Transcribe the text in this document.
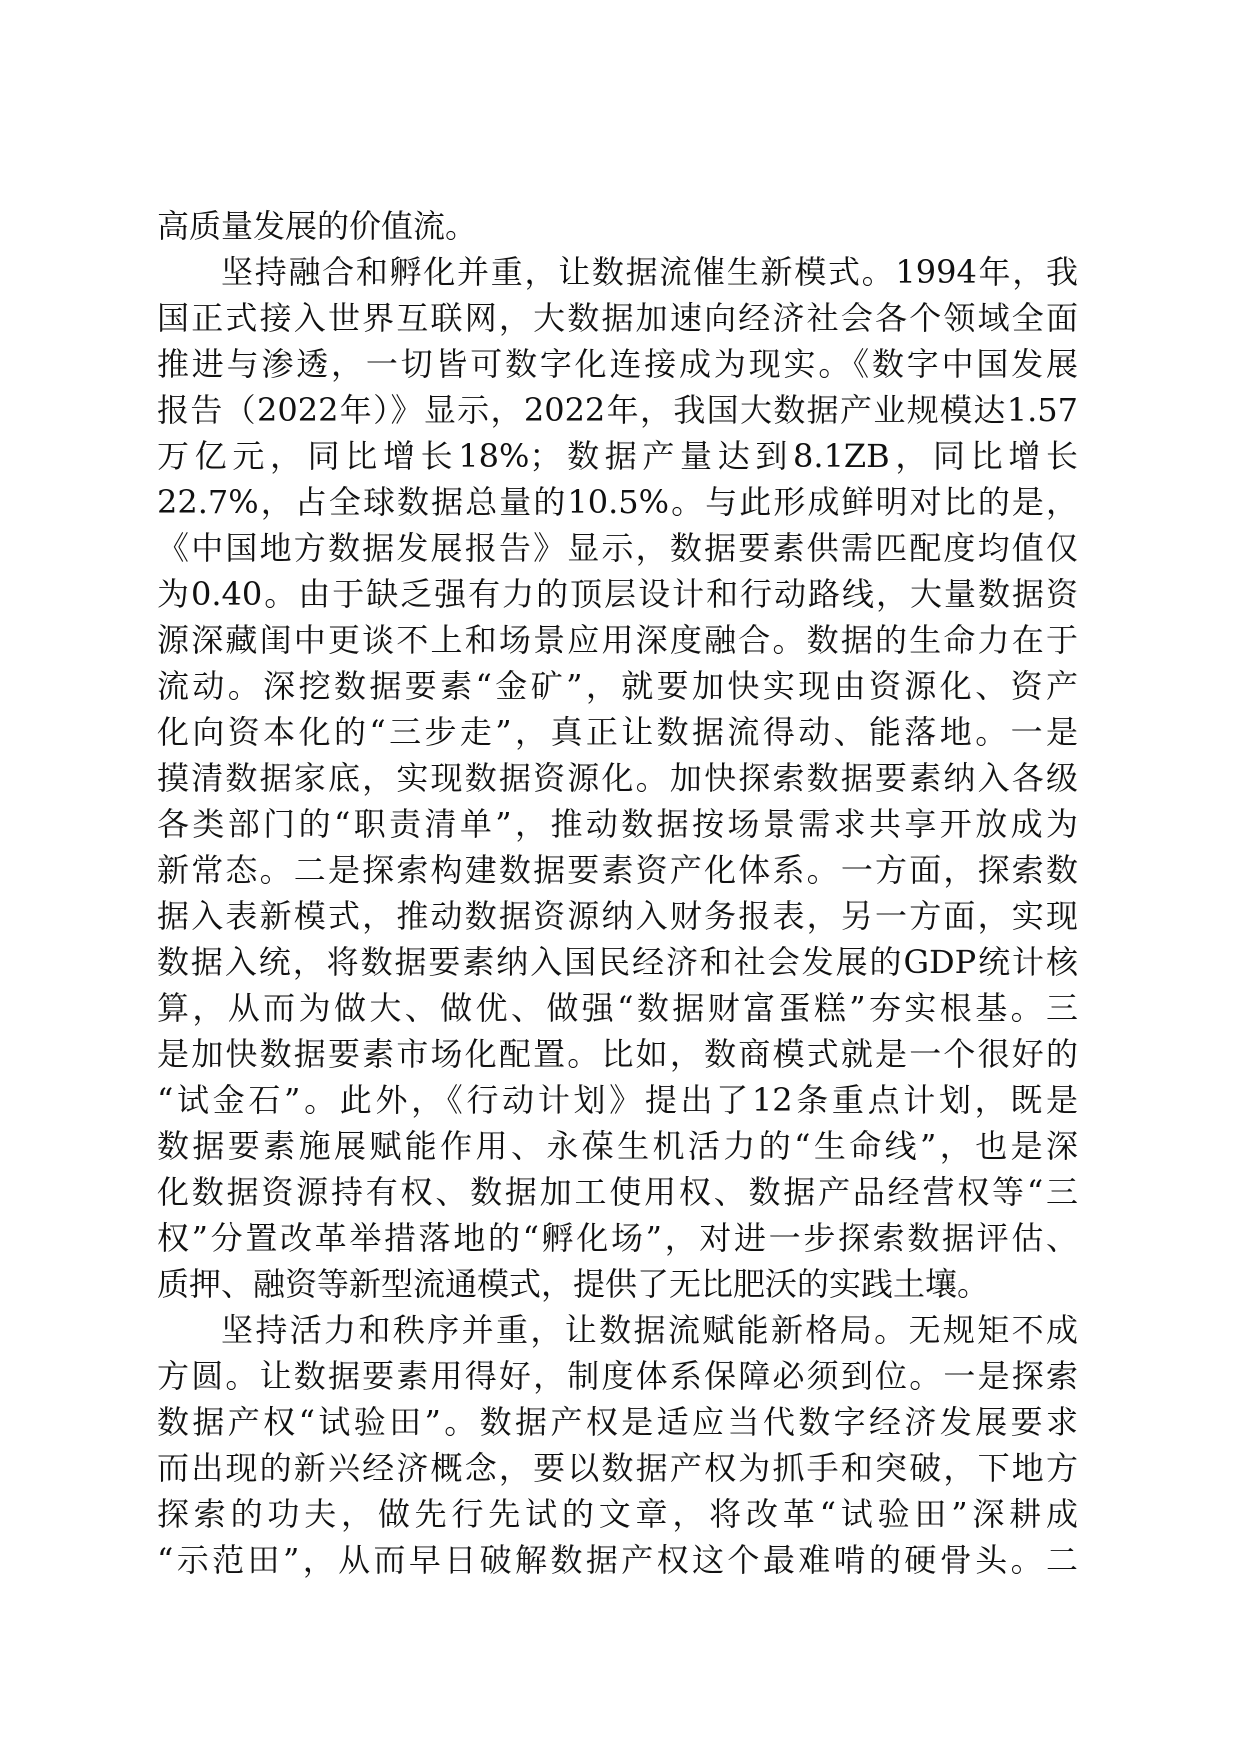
高质量发展的价值流。
坚持融合和孵化并重，让数据流催生新模式。1994年，我
国正式接入世界互联网，大数据加速向经济社会各个领域全面
推进与渗透，一切皆可数字化连接成为现实。《数字中国发展
报告（2022年）》显示，2022年，我国大数据产业规模达1.57
万亿元，同比增长18%；数据产量达到8.1ZB，同比增长
22.7%，占全球数据总量的10.5%。与此形成鲜明对比的是，
《中国地方数据发展报告》显示，数据要素供需匹配度均值仅
为0.40。由于缺乏强有力的顶层设计和行动路线，大量数据资
源深藏闺中更谈不上和场景应用深度融合。数据的生命力在于
流动。深挖数据要素“金矿”，就要加快实现由资源化、资产
化向资本化的“三步走”，真正让数据流得动、能落地。一是
摸清数据家底，实现数据资源化。加快探索数据要素纳入各级
各类部门的“职责清单”，推动数据按场景需求共享开放成为
新常态。二是探索构建数据要素资产化体系。一方面，探索数
据入表新模式，推动数据资源纳入财务报表，另一方面，实现
数据入统，将数据要素纳入国民经济和社会发展的GDP统计核
算，从而为做大、做优、做强“数据财富蛋糕”夯实根基。三
是加快数据要素市场化配置。比如，数商模式就是一个很好的
“试金石”。此外，《行动计划》提出了12条重点计划，既是
数据要素施展赋能作用、永葆生机活力的“生命线”，也是深
化数据资源持有权、数据加工使用权、数据产品经营权等“三
权”分置改革举措落地的“孵化场”，对进一步探索数据评估、
质押、融资等新型流通模式，提供了无比肥沃的实践土壤。
坚持活力和秩序并重，让数据流赋能新格局。无规矩不成
方圆。让数据要素用得好，制度体系保障必须到位。一是探索
数据产权“试验田”。数据产权是适应当代数字经济发展要求
而出现的新兴经济概念，要以数据产权为抓手和突破，下地方
探索的功夫，做先行先试的文章，将改革“试验田”深耕成
“示范田”，从而早日破解数据产权这个最难啃的硬骨头。二
